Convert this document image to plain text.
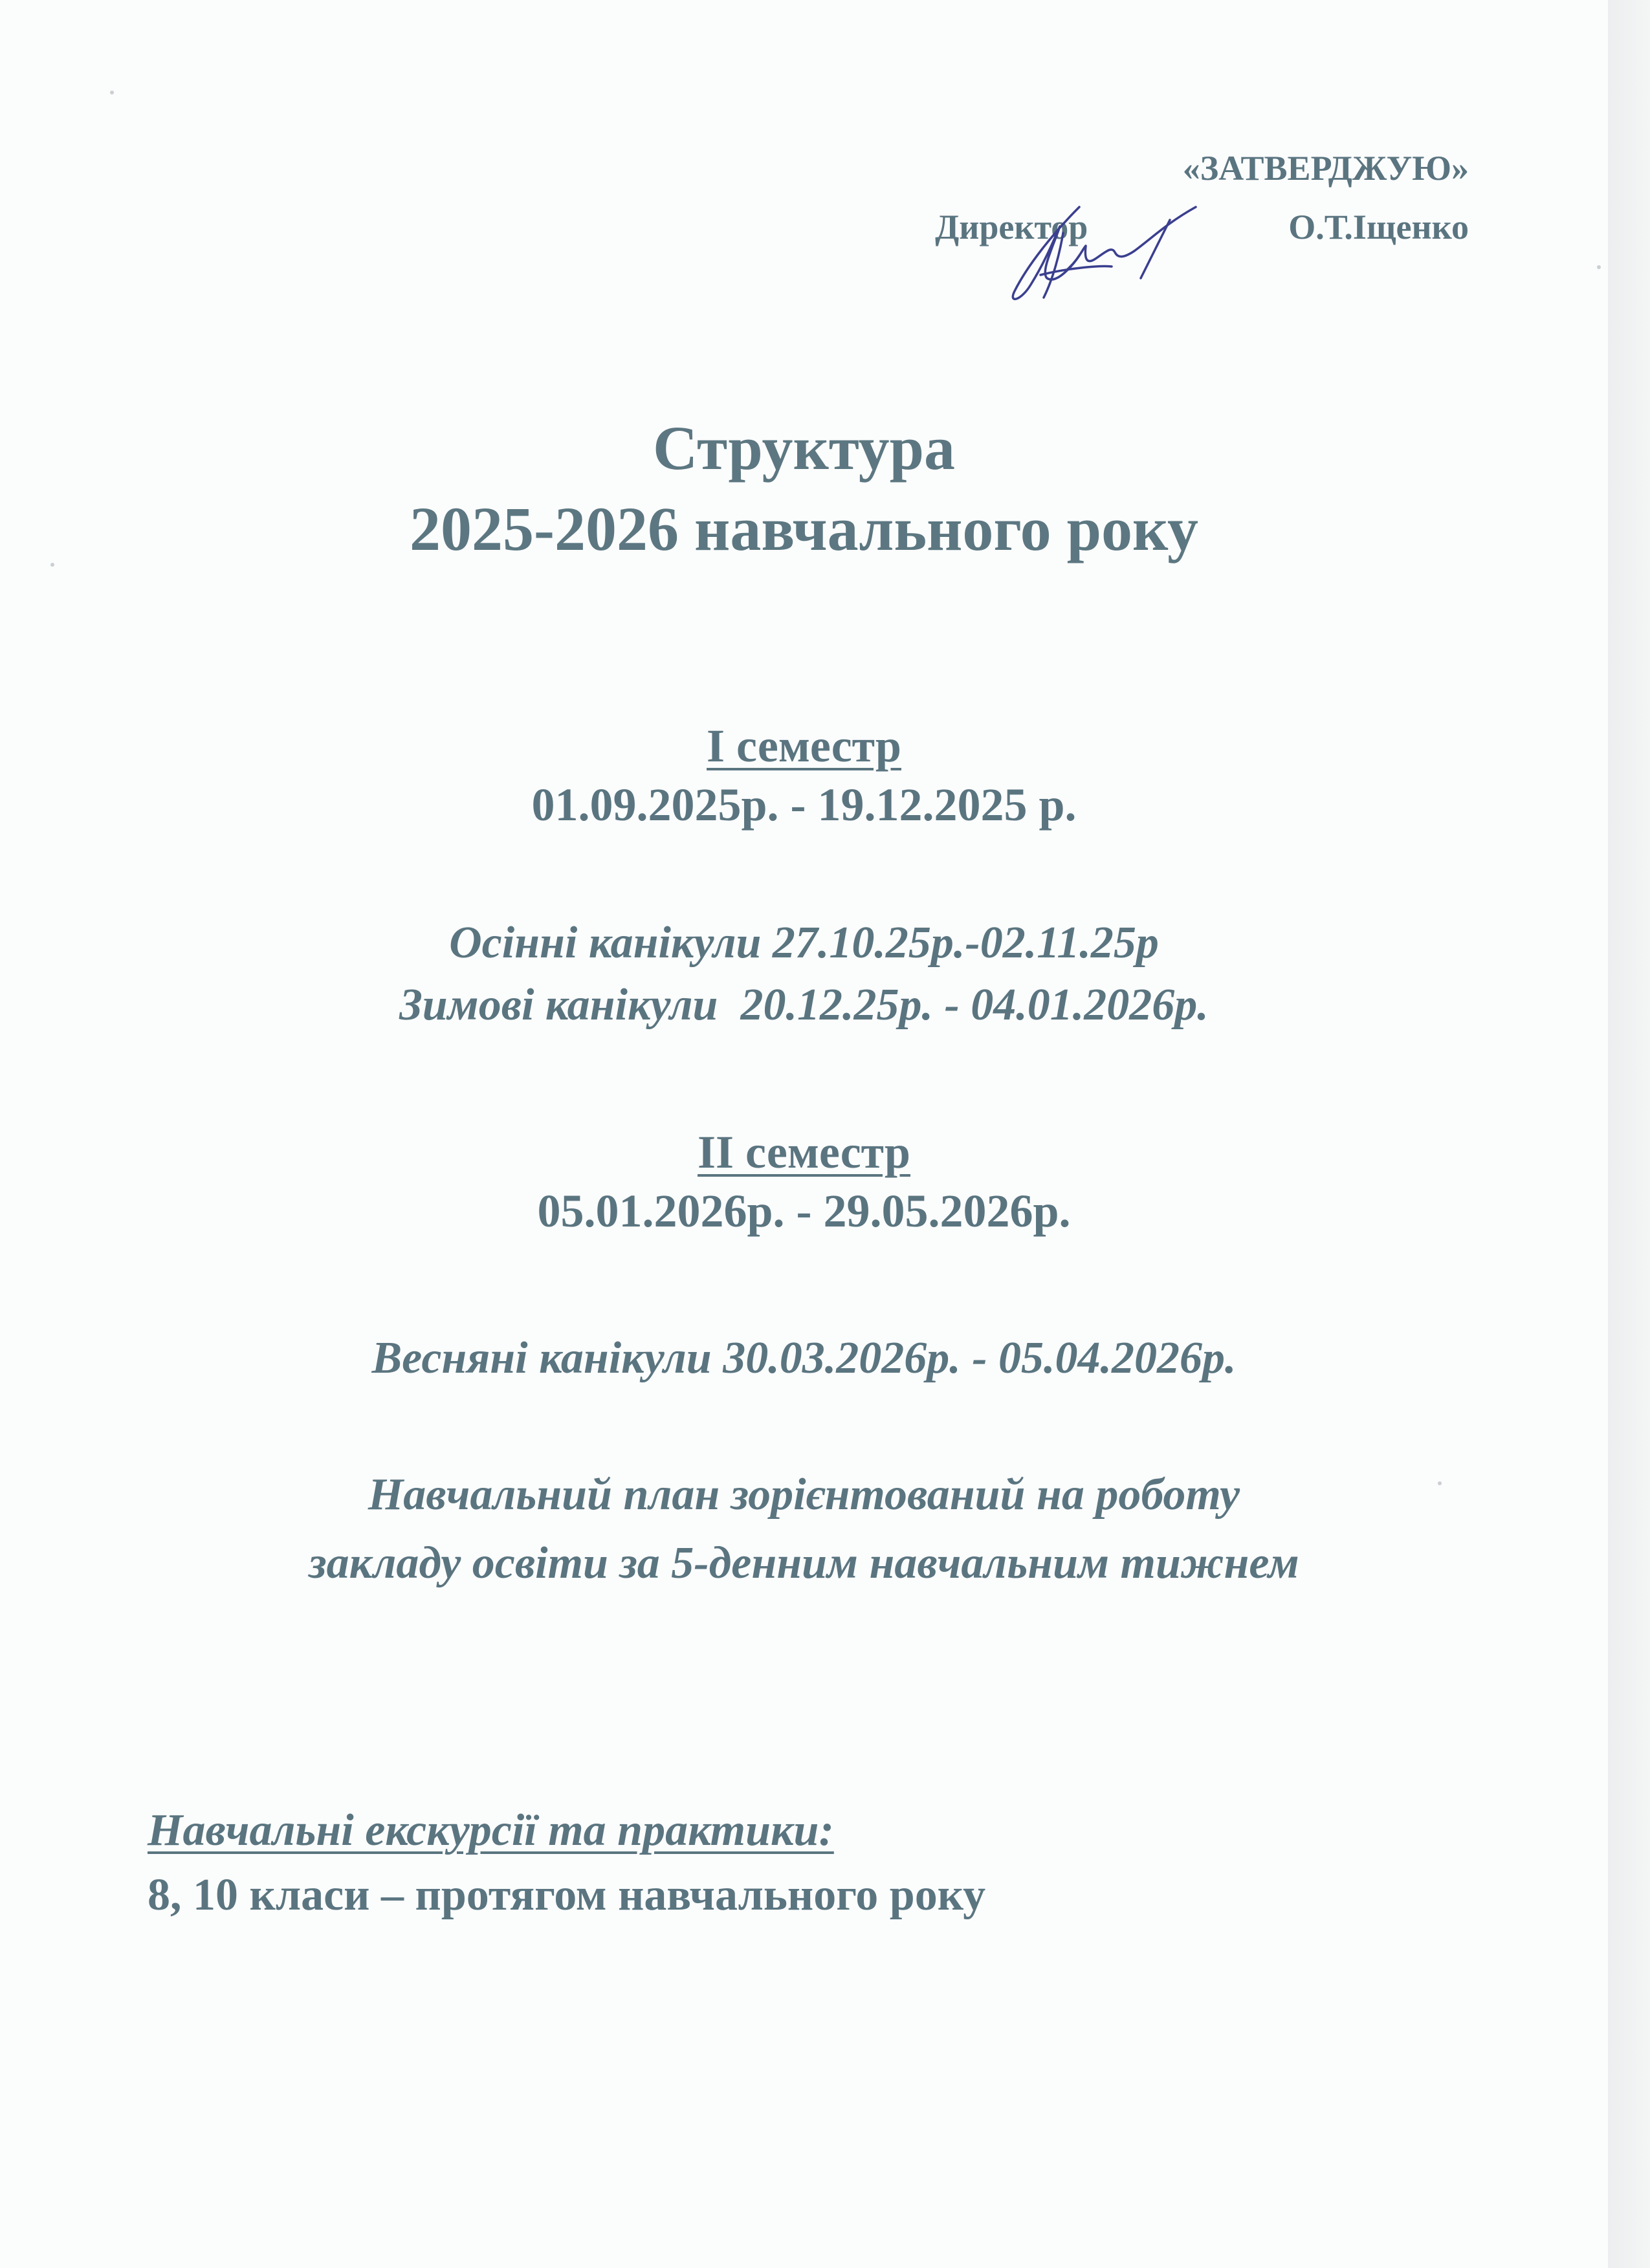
«ЗАТВЕРДЖУЮ»
Директор	О.Т.Іщенко
Структура
2025-2026 навчального року
І семестр
01.09.2025р. - 19.12.2025 р.
Осінні канікули 27.10.25р.-02.11.25р
Зимові канікули  20.12.25р. - 04.01.2026р.
ІІ семестр
05.01.2026р. - 29.05.2026р.
Весняні канікули 30.03.2026р. - 05.04.2026р.
Навчальний план зорієнтований на роботу
закладу освіти за 5-денним навчальним тижнем
Навчальні екскурсії та практики:
8, 10 класи – протягом навчального року
